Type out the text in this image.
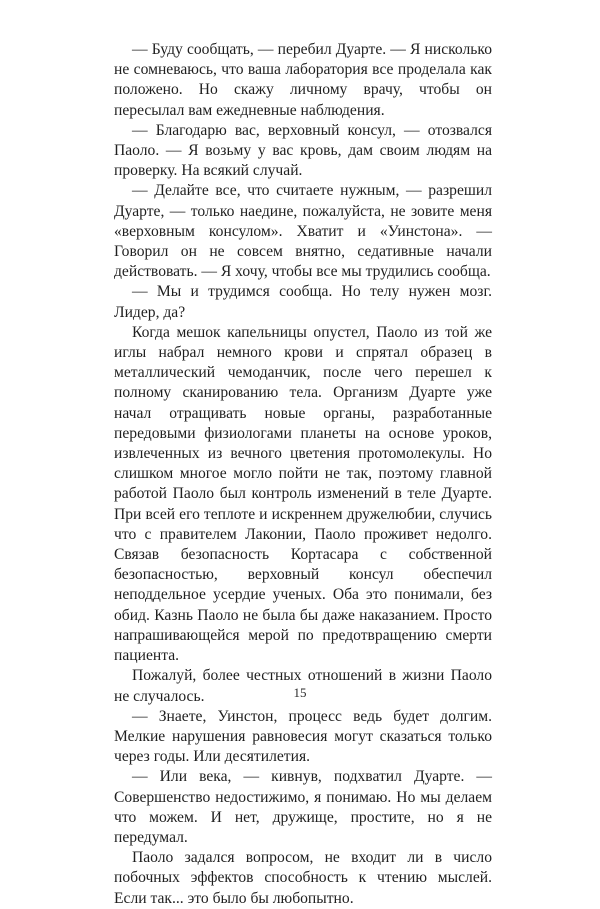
— Буду сообщать, — перебил Дуарте. — Я нисколько не сомневаюсь, что ваша лаборатория все проделала как положено. Но скажу личному врачу, чтобы он пересылал вам ежедневные наблюдения.

— Благодарю вас, верховный консул, — отозвался Паоло. — Я возьму у вас кровь, дам своим людям на проверку. На всякий случай.

— Делайте все, что считаете нужным, — разрешил Дуарте, — только наедине, пожалуйста, не зовите меня «верховным консулом». Хватит и «Уинстона». — Говорил он не совсем внятно, седативные начали действовать. — Я хочу, чтобы все мы трудились сообща.

— Мы и трудимся сообща. Но телу нужен мозг. Лидер, да?

Когда мешок капельницы опустел, Паоло из той же иглы набрал немного крови и спрятал образец в металлический чемоданчик, после чего перешел к полному сканированию тела. Организм Дуарте уже начал отращивать новые органы, разработанные передовыми физиологами планеты на основе уроков, извлеченных из вечного цветения протомолекулы. Но слишком многое могло пойти не так, поэтому главной работой Паоло был контроль изменений в теле Дуарте. При всей его теплоте и искреннем дружелюбии, случись что с правителем Лаконии, Паоло проживет недолго. Связав безопасность Кортасара с собственной безопасностью, верховный консул обеспечил неподдельное усердие ученых. Оба это понимали, без обид. Казнь Паоло не была бы даже наказанием. Просто напрашивающейся мерой по предотвращению смерти пациента.

Пожалуй, более честных отношений в жизни Паоло не случалось.

— Знаете, Уинстон, процесс ведь будет долгим. Мелкие нарушения равновесия могут сказаться только через годы. Или десятилетия.

— Или века, — кивнув, подхватил Дуарте. — Совершенство недостижимо, я понимаю. Но мы делаем что можем. И нет, дружище, простите, но я не передумал.

Паоло задался вопросом, не входит ли в число побочных эффектов способность к чтению мыслей. Если так... это было бы любопытно.

15
